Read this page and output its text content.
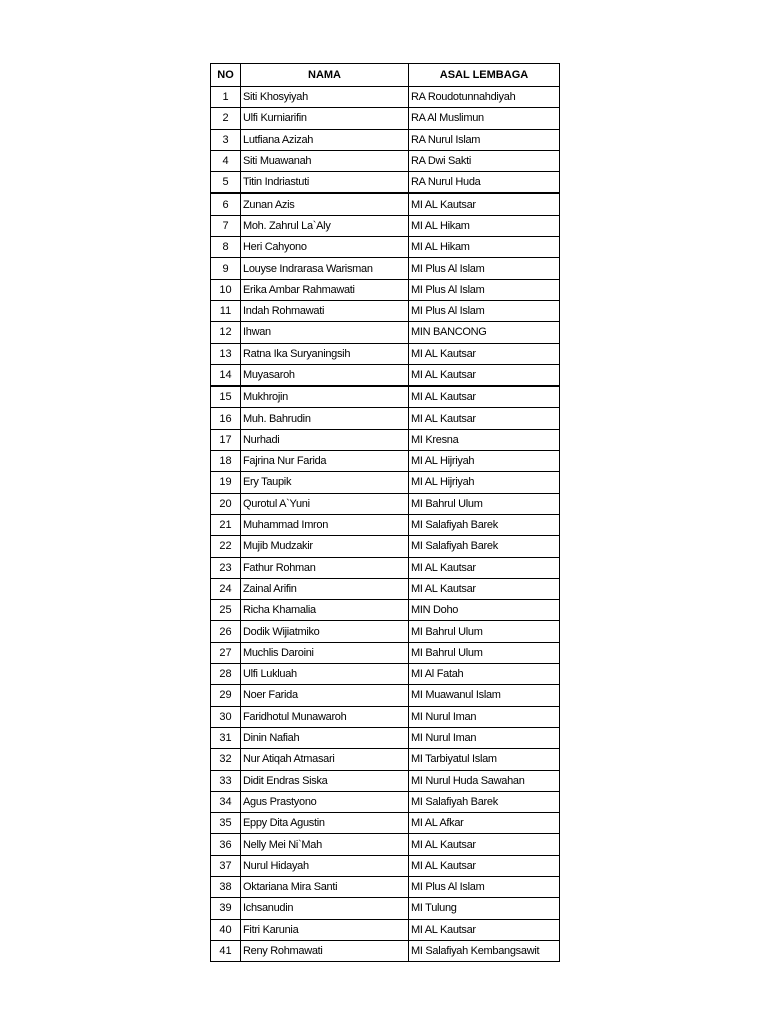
NO	NAMA	ASAL LEMBAGA
1	Siti Khosyiyah	RA Roudotunnahdiyah
2	Ulfi Kurniarifin	RA Al Muslimun
3	Lutfiana Azizah	RA Nurul Islam
4	Siti Muawanah	RA Dwi Sakti
5	Titin Indriastuti	RA Nurul Huda
6	Zunan Azis	MI AL Kautsar
7	Moh. Zahrul La`Aly	MI AL Hikam
8	Heri Cahyono	MI AL Hikam
9	Louyse Indrarasa Warisman	MI Plus Al Islam
10	Erika Ambar Rahmawati	MI Plus Al Islam
11	Indah Rohmawati	MI Plus Al Islam
12	Ihwan	MIN BANCONG
13	Ratna Ika Suryaningsih	MI AL Kautsar
14	Muyasaroh	MI AL Kautsar
15	Mukhrojin	MI AL Kautsar
16	Muh. Bahrudin	MI AL Kautsar
17	Nurhadi	MI Kresna
18	Fajrina Nur Farida	MI AL Hijriyah
19	Ery Taupik	MI AL Hijriyah
20	Qurotul A`Yuni	MI Bahrul Ulum
21	Muhammad Imron	MI Salafiyah Barek
22	Mujib Mudzakir	MI Salafiyah Barek
23	Fathur Rohman	MI AL Kautsar
24	Zainal Arifin	MI AL Kautsar
25	Richa Khamalia	MIN Doho
26	Dodik Wijiatmiko	MI Bahrul Ulum
27	Muchlis Daroini	MI Bahrul Ulum
28	Ulfi Lukluah	MI Al Fatah
29	Noer Farida	MI Muawanul Islam
30	Faridhotul Munawaroh	MI Nurul Iman
31	Dinin Nafiah	MI Nurul Iman
32	Nur Atiqah Atmasari	MI Tarbiyatul Islam
33	Didit Endras Siska	MI Nurul Huda Sawahan
34	Agus Prastyono	MI Salafiyah Barek
35	Eppy Dita Agustin	MI AL Afkar
36	Nelly Mei Ni`Mah	MI AL Kautsar
37	Nurul Hidayah	MI AL Kautsar
38	Oktariana Mira Santi	MI Plus Al Islam
39	Ichsanudin	MI Tulung
40	Fitri Karunia	MI AL Kautsar
41	Reny Rohmawati	MI Salafiyah Kembangsawit
